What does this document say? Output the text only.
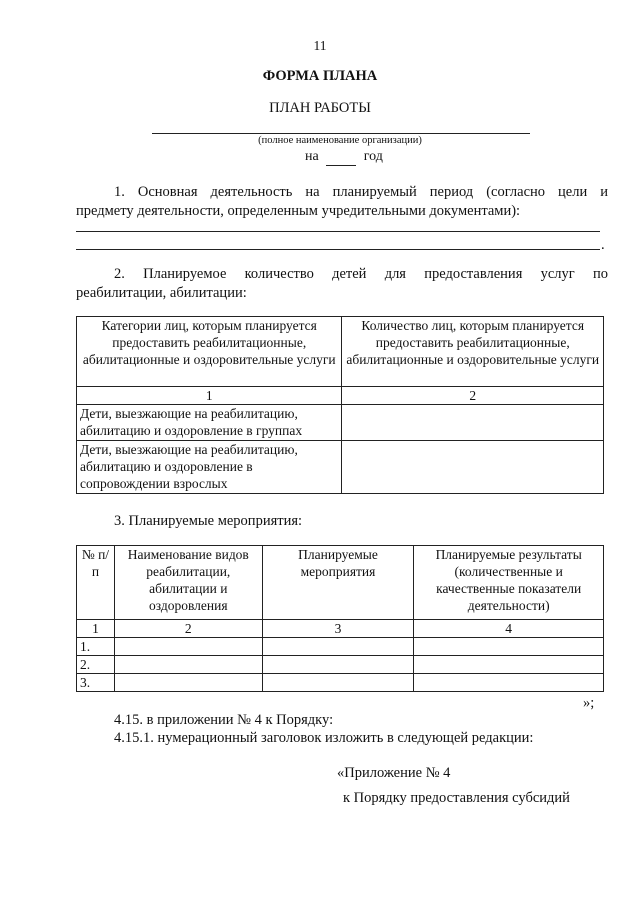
11
ФОРМА ПЛАНА
ПЛАН РАБОТЫ
(полное наименование организации)
на	год
1. Основная деятельность на планируемый период (согласно цели и
предмету деятельности, определенным учредительными документами):
.
2. Планируемое количество детей для предоставления услуг по
реабилитации, абилитации:
Категории лиц, которым планируется предоставить реабилитационные, абилитационные и оздоровительные услуги	Количество лиц, которым планируется предоставить реабилитационные, абилитационные и оздоровительные услуги
1	2
Дети, выезжающие на реабилитацию, абилитацию и оздоровление в группах	
Дети, выезжающие на реабилитацию, абилитацию и оздоровление в сопровождении взрослых	
3. Планируемые мероприятия:
№ п/п	Наименование видов реабилитации, абилитации и оздоровления	Планируемые мероприятия	Планируемые результаты (количественные и качественные показатели деятельности)
1	2	3	4
1.			
2.			
3.			
»;
4.15. в приложении № 4 к Порядку:
4.15.1. нумерационный заголовок изложить в следующей редакции:
«Приложение № 4
к Порядку предоставления субсидий
